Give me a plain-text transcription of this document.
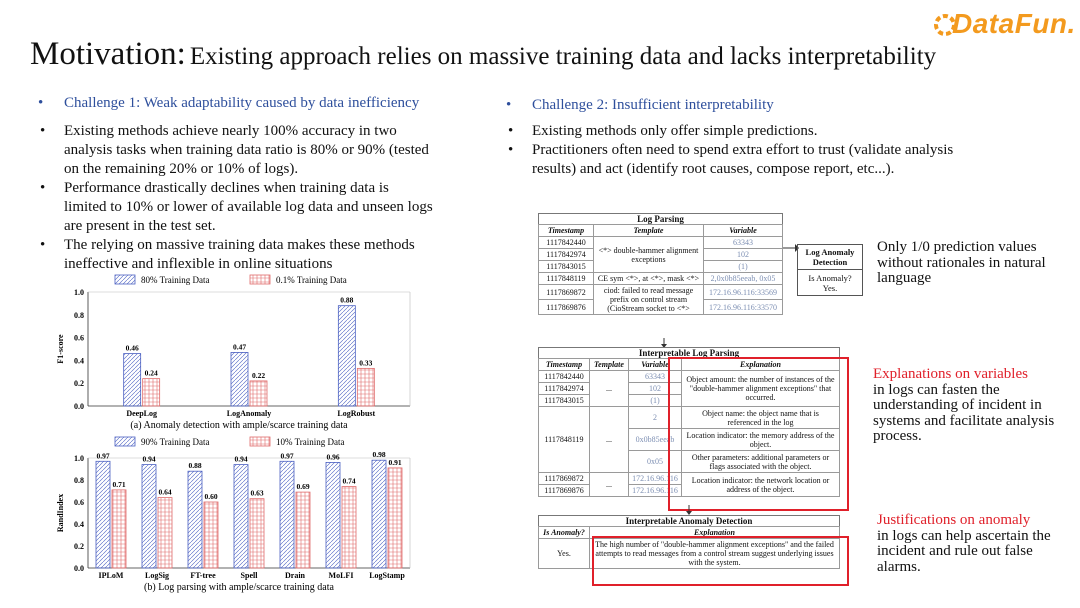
Motivation: Existing approach relies on massive training data and lacks interpretability
DataFun.
• Challenge 1: Weak adaptability caused by data inefficiency
• Existing methods achieve nearly 100% accuracy in two analysis tasks when training data ratio is 80% or 90% (tested on the remaining 20% or 10% of logs).
• Performance drastically declines when training data is limited to 10% or lower of available log data and unseen logs are present in the test set.
• The relying on massive training data makes these methods ineffective and inflexible in online situations
80% Training Data	0.1% Training Data
0.0
0.2
0.4
0.6
0.8
1.0
F1-score	0.46
0.24
DeepLog
0.47
0.22
LogAnomaly
0.88
0.33
LogRobust
(a) Anomaly detection with ample/scarce training data
90% Training Data	10% Training Data
0.0
0.2
0.4
0.6
0.8
1.0
RandIndex
0.97
0.71
IPLoM
0.94
0.64
LogSig
0.88
0.60
FT-tree
0.94
0.63
Spell
0.97
0.69
Drain
0.96
0.74
MoLFI
0.98
0.91
LogStamp
(b) Log parsing with ample/scarce training data
• Challenge 2: Insufficient interpretability
• Existing methods only offer simple predictions.
• Practitioners often need to spend extra effort to trust (validate analysis results) and act (identify root causes, compose report, etc...).
Log Parsing
Timestamp	Template	Variable
1117842440	<*> double-hammer alignment exceptions	63343
1117842974		102
1117843015		(1)
1117848119	CE sym <*>, at <*>, mask <*>	2,0x0b85eeab, 0x05
1117869872	ciod: failed to read message prefix on control stream (CioStream socket to <*>	172.16.96.116:33569
1117869876		172.16.96.116:33570
Log Anomaly Detection
Is Anomaly?
Yes.
Only 1/0 prediction values without rationales in natural language
Interpretable Log Parsing
Timestamp	Template	Variable	Explanation
1117842440	...	63343	Object amount: the number of instances of the "double-hammer alignment exceptions" that occurred.
1117842974		102	
1117843015		(1)	
1117848119	...	2	Object name: the object name that is referenced in the log
		0x0b85eeab	Location indicator: the memory address of the object.
		0x05	Other parameters: additional parameters or flags associated with the object.
1117869872	...	172.16.96.116	Location indicator: the network location or address of the object.
1117869876		172.16.96.116	
Explanations on variables
in logs can fasten the understanding of incident in systems and facilitate analysis process.
Interpretable Anomaly Detection
Is Anomaly?	Explanation
Yes.	The high number of "double-hammer alignment exceptions" and the failed attempts to read messages from a control stream suggest underlying issues with the system.
Justifications on anomaly
in logs can help ascertain the incident and rule out false alarms.
